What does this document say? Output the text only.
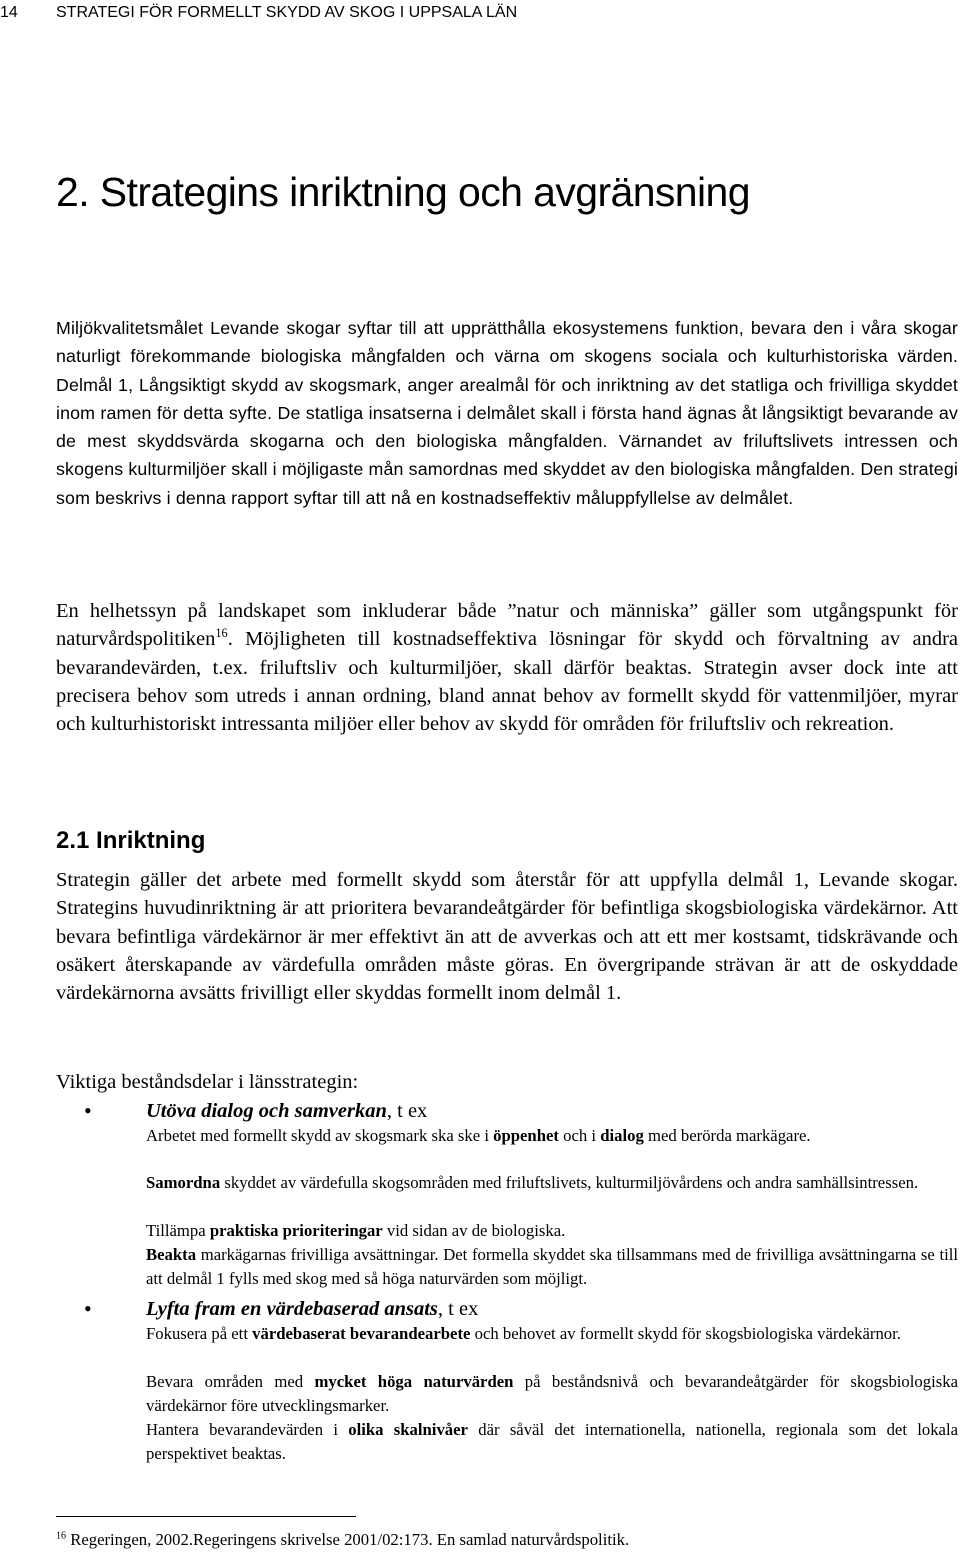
14 STRATEGI FÖR FORMELLT SKYDD AV SKOG I UPPSALA LÄN
2. Strategins inriktning och avgränsning

Miljökvalitetsmålet Levande skogar syftar till att upprätthålla ekosystemens funktion, bevara den i våra skogar naturligt förekommande biologiska mångfalden och värna om skogens sociala och kulturhistoriska värden. Delmål 1, Långsiktigt skydd av skogsmark, anger arealmål för och inriktning av det statliga och frivilliga skyddet inom ramen för detta syfte. De statliga insatserna i delmålet skall i första hand ägnas åt långsiktigt bevarande av de mest skyddsvärda skogarna och den biologiska mångfalden. Värnandet av friluftslivets intressen och skogens kulturmiljöer skall i möjligaste mån samordnas med skyddet av den biologiska mångfalden. Den strategi som beskrivs i denna rapport syftar till att nå en kostnadseffektiv måluppfyllelse av delmålet.

En helhetssyn på landskapet som inkluderar både ”natur och människa” gäller som utgångspunkt för naturvårdspolitiken$^{16}$. Möjligheten till kostnadseffektiva lösningar för skydd och förvaltning av andra bevarandevärden, t.ex. friluftsliv och kulturmiljöer, skall därför beaktas. Strategin avser dock inte att precisera behov som utreds i annan ordning, bland annat behov av formellt skydd för vattenmiljöer, myrar och kulturhistoriskt intressanta miljöer eller behov av skydd för områden för friluftsliv och rekreation.

2.1 Inriktning

Strategin gäller det arbete med formellt skydd som återstår för att uppfylla delmål 1, Levande skogar. Strategins huvudinriktning är att prioritera bevarandeåtgärder för befintliga skogsbiologiska värdekärnor. Att bevara befintliga värdekärnor är mer effektivt än att de avverkas och att ett mer kostsamt, tidskrävande och osäkert återskapande av värdefulla områden måste göras. En övergripande strävan är att de oskyddade värdekärnorna avsätts frivilligt eller skyddas formellt inom delmål 1.

Viktiga beståndsdelar i länsstrategin:

•	Utöva dialog och samverkan, t ex

Arbetet med formellt skydd av skogsmark ska ske i öppenhet och i dialog med berörda markägare.

Samordna skyddet av värdefulla skogsområden med friluftslivets, kulturmiljövårdens och andra samhällsintressen.

Tillämpa praktiska prioriteringar vid sidan av de biologiska.

Beakta markägarnas frivilliga avsättningar. Det formella skyddet ska tillsammans med de frivilliga avsättningarna se till att delmål 1 fylls med skog med så höga naturvärden som möjligt.

•	Lyfta fram en värdebaserad ansats, t ex

Fokusera på ett värdebaserat bevarandearbete och behovet av formellt skydd för skogsbiologiska värdekärnor.

Bevara områden med mycket höga naturvärden på beståndsnivå och bevarandeåtgärder för skogsbiologiska värdekärnor före utvecklingsmarker.

Hantera bevarandevärden i olika skalnivåer där såväl det internationella, nationella, regionala som det lokala perspektivet beaktas.

$^{16}$ Regeringen, 2002.Regeringens skrivelse 2001/02:173. En samlad naturvårdspolitik.
